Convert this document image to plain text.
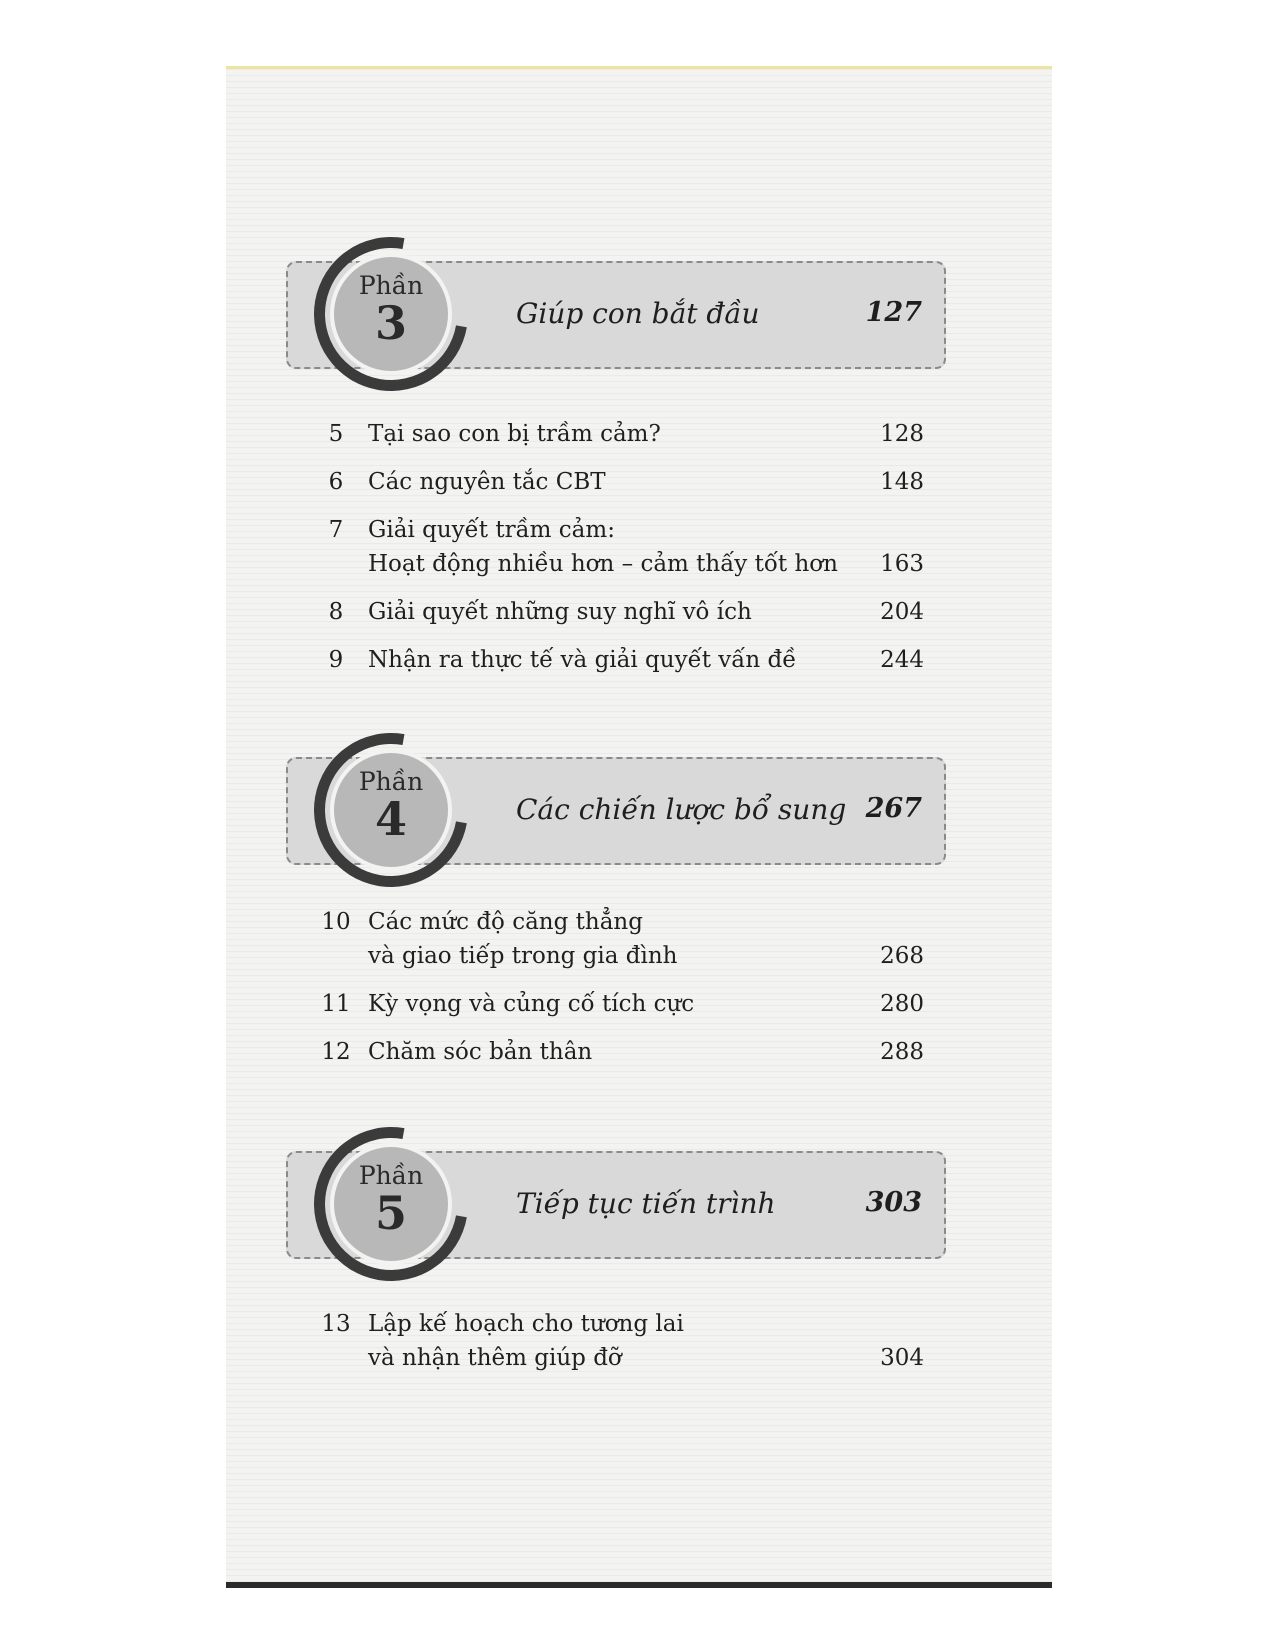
Phần
3	Giúp con bắt đầu	127
5	Tại sao con bị trầm cảm?	128
6	Các nguyên tắc CBT	148
7	Giải quyết trầm cảm:
Hoạt động nhiều hơn – cảm thấy tốt hơn	163
8	Giải quyết những suy nghĩ vô ích	204
9	Nhận ra thực tế và giải quyết vấn đề	244
Phần
4	Các chiến lược bổ sung 267
10 Các mức độ căng thẳng
và giao tiếp trong gia đình	268
11 Kỳ vọng và củng cố tích cực	280
12 Chăm sóc bản thân	288
Phần
5	Tiếp tục tiến trình	303
13 Lập kế hoạch cho tương lai
và nhận thêm giúp đỡ	304
